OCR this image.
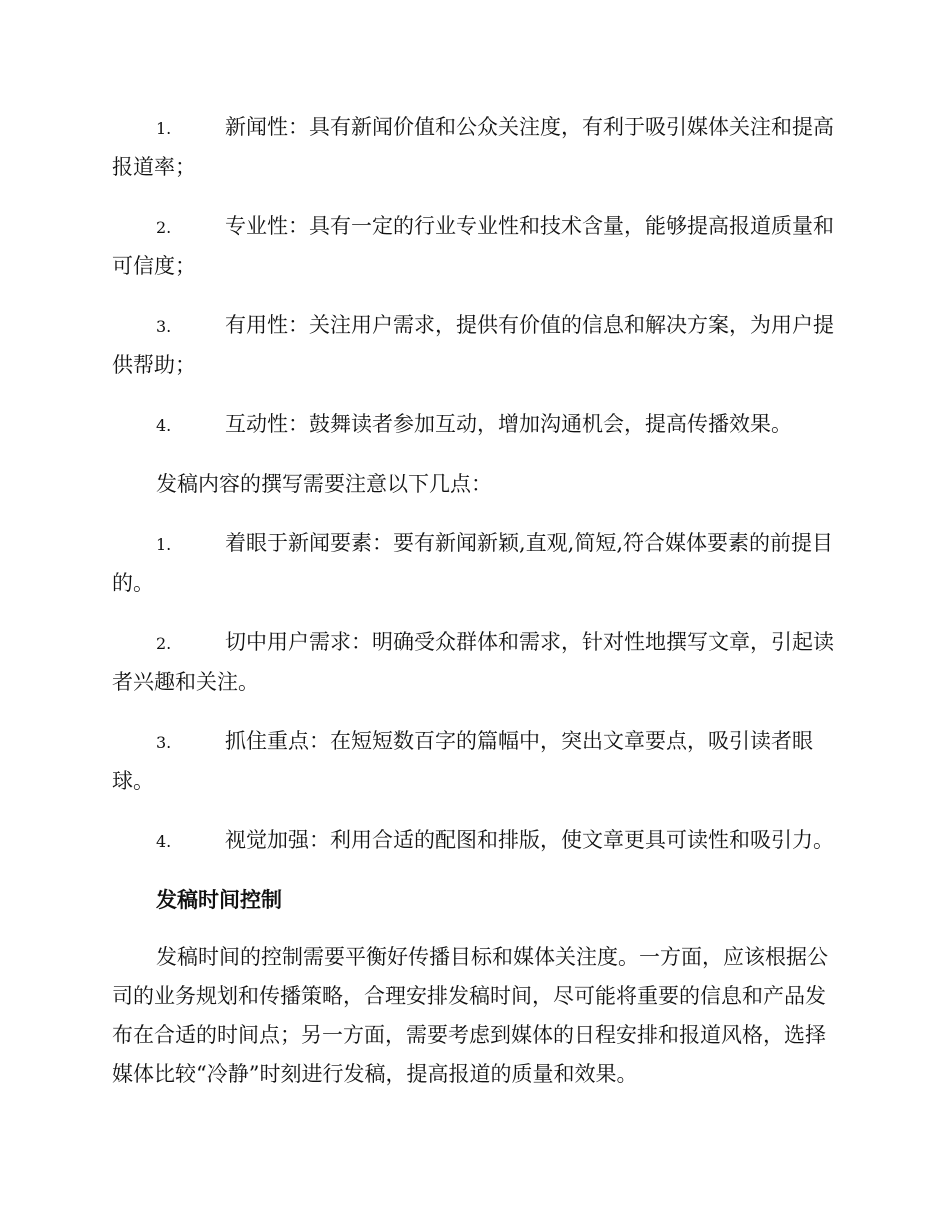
1.	新闻性：具有新闻价值和公众关注度，有利于吸引媒体关注和提高报道率；
2.	专业性：具有一定的行业专业性和技术含量，能够提高报道质量和可信度；
3.	有用性：关注用户需求，提供有价值的信息和解决方案，为用户提供帮助；
4.	互动性：鼓舞读者参加互动，增加沟通机会，提高传播效果。

发稿内容的撰写需要注意以下几点：

1.	着眼于新闻要素：要有新闻新颖,直观,简短,符合媒体要素的前提目的。
2.	切中用户需求：明确受众群体和需求，针对性地撰写文章，引起读者兴趣和关注。
3.	抓住重点：在短短数百字的篇幅中，突出文章要点，吸引读者眼球。
4.	视觉加强：利用合适的配图和排版，使文章更具可读性和吸引力。
发稿时间控制

发稿时间的控制需要平衡好传播目标和媒体关注度。一方面，应该根据公司的业务规划和传播策略，合理安排发稿时间，尽可能将重要的信息和产品发布在合适的时间点；另一方面，需要考虑到媒体的日程安排和报道风格，选择媒体比较“冷静”时刻进行发稿，提高报道的质量和效果。
